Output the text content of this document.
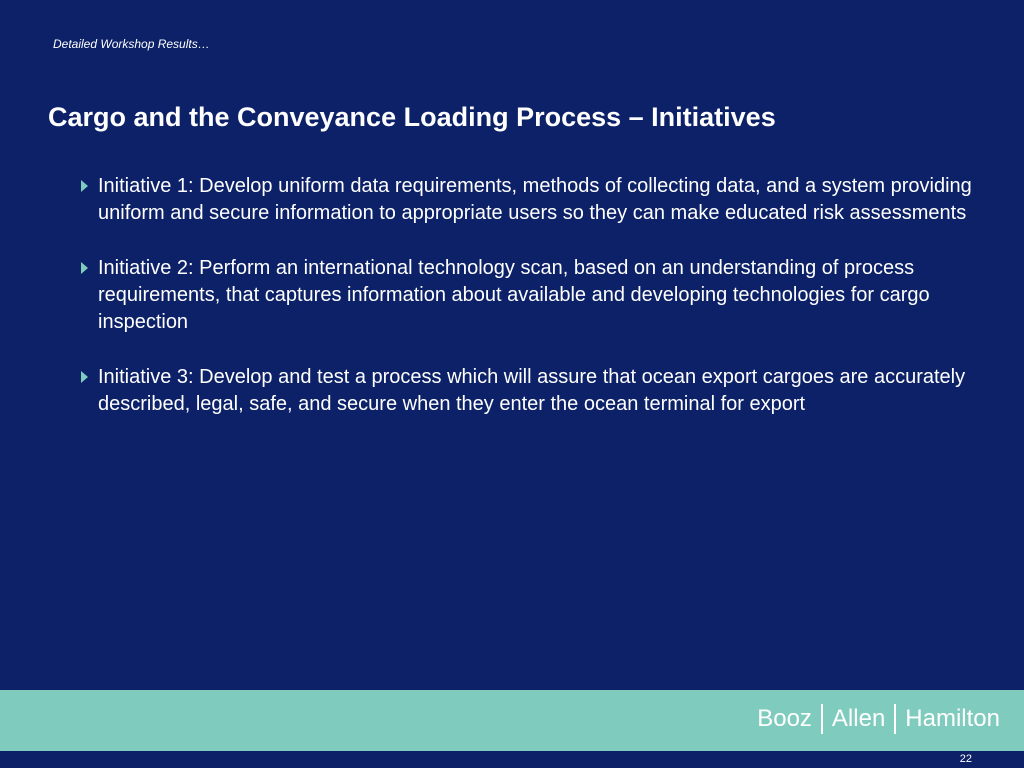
Detailed Workshop Results…
Cargo and the Conveyance Loading Process – Initiatives
Initiative 1: Develop uniform data requirements, methods of collecting data, and a system providing uniform and secure information to appropriate users so they can make educated risk assessments
Initiative 2: Perform an international technology scan, based on an understanding of process requirements, that captures information about available and developing technologies for cargo inspection
Initiative 3: Develop and test a process which will assure that ocean export cargoes are accurately described, legal, safe, and secure when they enter the ocean terminal for export
Booz Allen Hamilton
22
